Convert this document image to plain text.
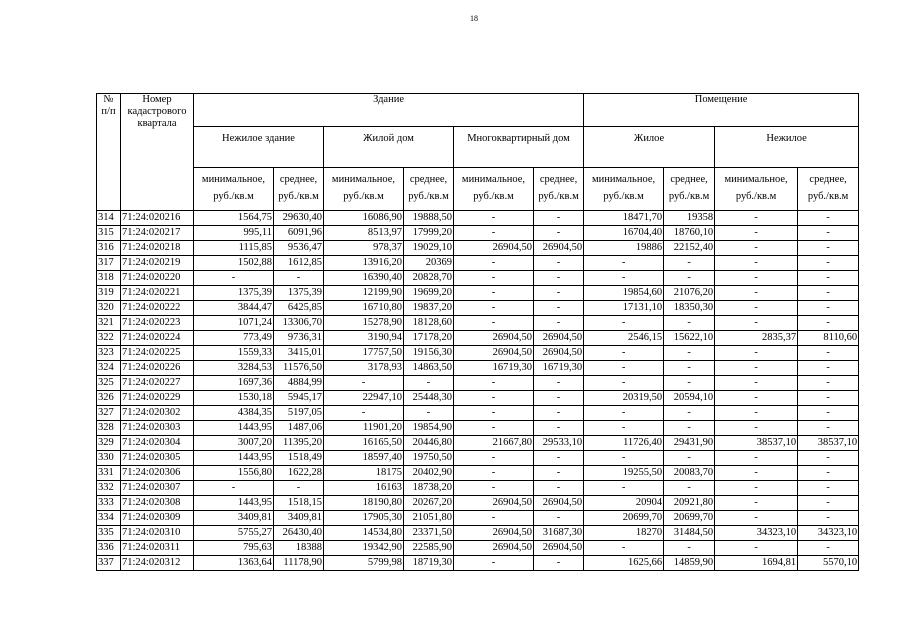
18
№ п/п	Номер кадастрового квартала	Здание						Помещение			
		Нежилое здание		Жилой дом		Многоквартирный дом		Жилое		Нежилое	
		минимальное, руб./кв.м	среднее, руб./кв.м	минимальное, руб./кв.м	среднее, руб./кв.м	минимальное, руб./кв.м	среднее, руб./кв.м	минимальное, руб./кв.м	среднее, руб./кв.м	минимальное, руб./кв.м	среднее, руб./кв.м
314	71:24:020216	1564,75	29630,40	16086,90	19888,50	-	-	18471,70	19358	-	-
315	71:24:020217	995,11	6091,96	8513,97	17999,20	-	-	16704,40	18760,10	-	-
316	71:24:020218	1115,85	9536,47	978,37	19029,10	26904,50	26904,50	19886	22152,40	-	-
317	71:24:020219	1502,88	1612,85	13916,20	20369	-	-	-	-	-	-
318	71:24:020220	-	-	16390,40	20828,70	-	-	-	-	-	-
319	71:24:020221	1375,39	1375,39	12199,90	19699,20	-	-	19854,60	21076,20	-	-
320	71:24:020222	3844,47	6425,85	16710,80	19837,20	-	-	17131,10	18350,30	-	-
321	71:24:020223	1071,24	13306,70	15278,90	18128,60	-	-	-	-	-	-
322	71:24:020224	773,49	9736,31	3190,94	17178,20	26904,50	26904,50	2546,15	15622,10	2835,37	8110,60
323	71:24:020225	1559,33	3415,01	17757,50	19156,30	26904,50	26904,50	-	-	-	-
324	71:24:020226	3284,53	11576,50	3178,93	14863,50	16719,30	16719,30	-	-	-	-
325	71:24:020227	1697,36	4884,99	-	-	-	-	-	-	-	-
326	71:24:020229	1530,18	5945,17	22947,10	25448,30	-	-	20319,50	20594,10	-	-
327	71:24:020302	4384,35	5197,05	-	-	-	-	-	-	-	-
328	71:24:020303	1443,95	1487,06	11901,20	19854,90	-	-	-	-	-	-
329	71:24:020304	3007,20	11395,20	16165,50	20446,80	21667,80	29533,10	11726,40	29431,90	38537,10	38537,10
330	71:24:020305	1443,95	1518,49	18597,40	19750,50	-	-	-	-	-	-
331	71:24:020306	1556,80	1622,28	18175	20402,90	-	-	19255,50	20083,70	-	-
332	71:24:020307	-	-	16163	18738,20	-	-	-	-	-	-
333	71:24:020308	1443,95	1518,15	18190,80	20267,20	26904,50	26904,50	20904	20921,80	-	-
334	71:24:020309	3409,81	3409,81	17905,30	21051,80	-	-	20699,70	20699,70	-	-
335	71:24:020310	5755,27	26430,40	14534,80	23371,50	26904,50	31687,30	18270	31484,50	34323,10	34323,10
336	71:24:020311	795,63	18388	19342,90	22585,90	26904,50	26904,50	-	-	-	-
337	71:24:020312	1363,64	11178,90	5799,98	18719,30	-	-	1625,66	14859,90	1694,81	5570,10
